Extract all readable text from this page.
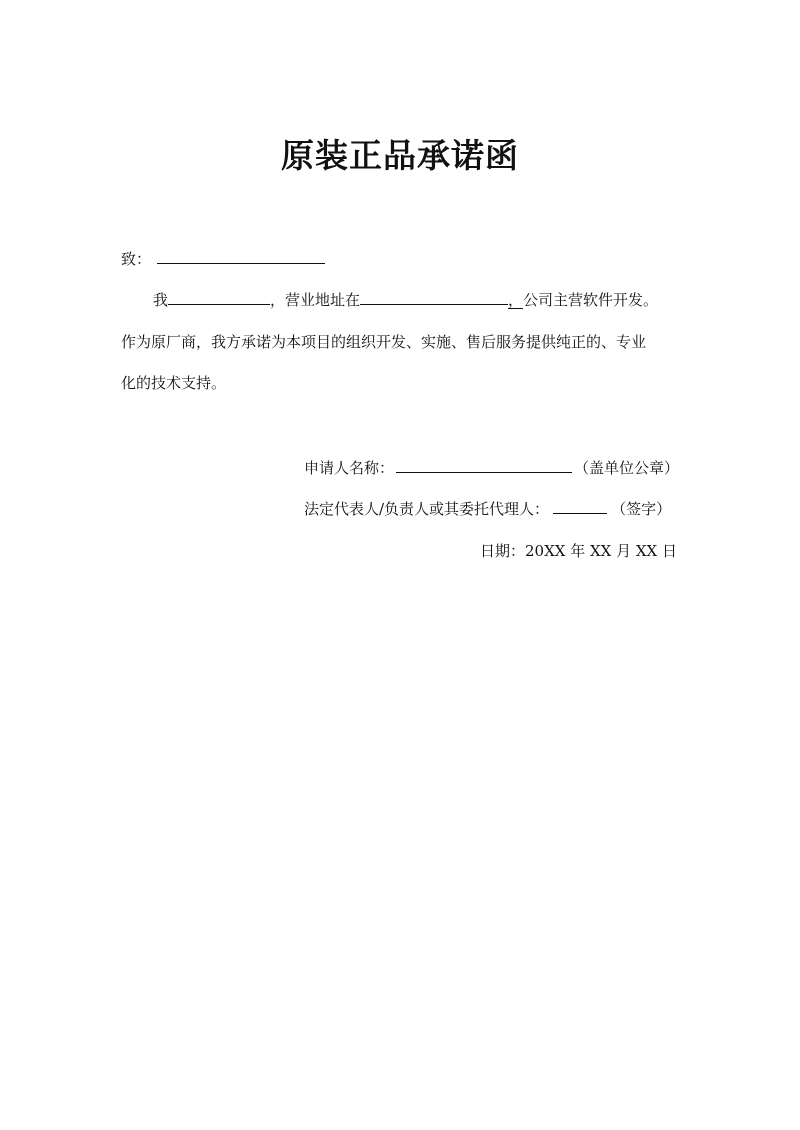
原装正品承诺函
致：
我	，营业地址在	，公司主营软件开发。
作为原厂商，我方承诺为本项目的组织开发、实施、售后服务提供纯正的、专业
化的技术支持。
申请人名称：	（盖单位公章）
法定代表人/负责人或其委托代理人：	（签字）
日期：20XX 年 XX 月 XX 日
